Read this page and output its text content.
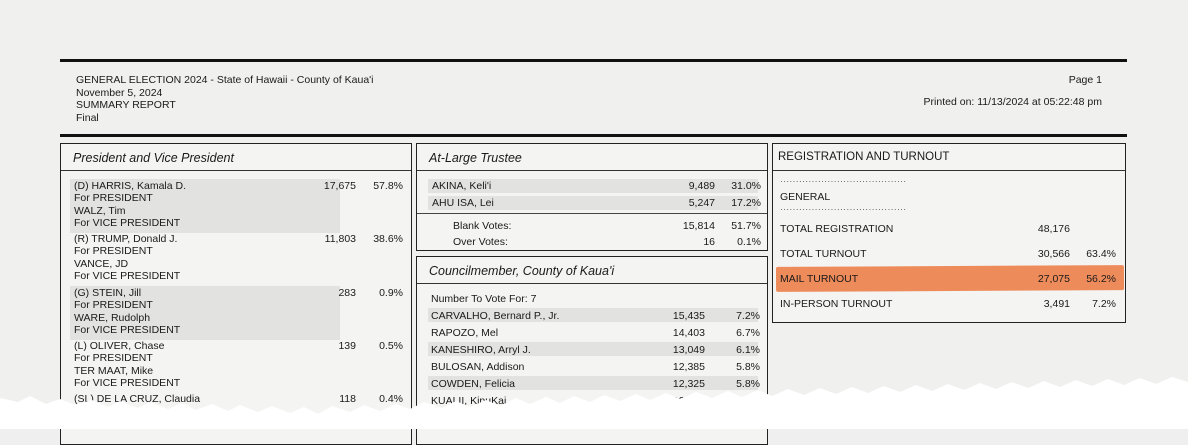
GENERAL ELECTION 2024 - State of Hawaii - County of Kaua'i
November 5, 2024
SUMMARY REPORT
Final
Page 1
Printed on: 11/13/2024 at 05:22:48 pm
President and Vice President
(D) HARRIS, Kamala D.
For PRESIDENT
WALZ, Tim
For VICE PRESIDENT
17,675	57.8%
(R) TRUMP, Donald J.
For PRESIDENT
VANCE, JD
For VICE PRESIDENT
11,803	38.6%
(G) STEIN, Jill
For PRESIDENT
WARE, Rudolph
For VICE PRESIDENT
283	0.9%
(L) OLIVER, Chase
For PRESIDENT
TER MAAT, Mike
For VICE PRESIDENT
139	0.5%
(SL) DE LA CRUZ, Claudia	118	0.4%
At-Large Trustee
AKINA, Keli'i	9,489	31.0%
AHU ISA, Lei	5,247	17.2%
Blank Votes:	15,814	51.7%
Over Votes:	16	0.1%
Councilmember, County of Kaua'i
Number To Vote For: 7
CARVALHO, Bernard P., Jr.	15,435	7.2%
RAPOZO, Mel	14,403	6.7%
KANESHIRO, Arryl J.	13,049	6.1%
BULOSAN, Addison	12,385	5.8%
COWDEN, Felicia	12,325	5.8%
KUALII, KipuKai
REGISTRATION AND TURNOUT
········································
GENERAL
········································
TOTAL REGISTRATION	48,176
TOTAL TURNOUT	30,566	63.4%
MAIL TURNOUT	27,075	56.2%
IN-PERSON TURNOUT	3,491	7.2%
